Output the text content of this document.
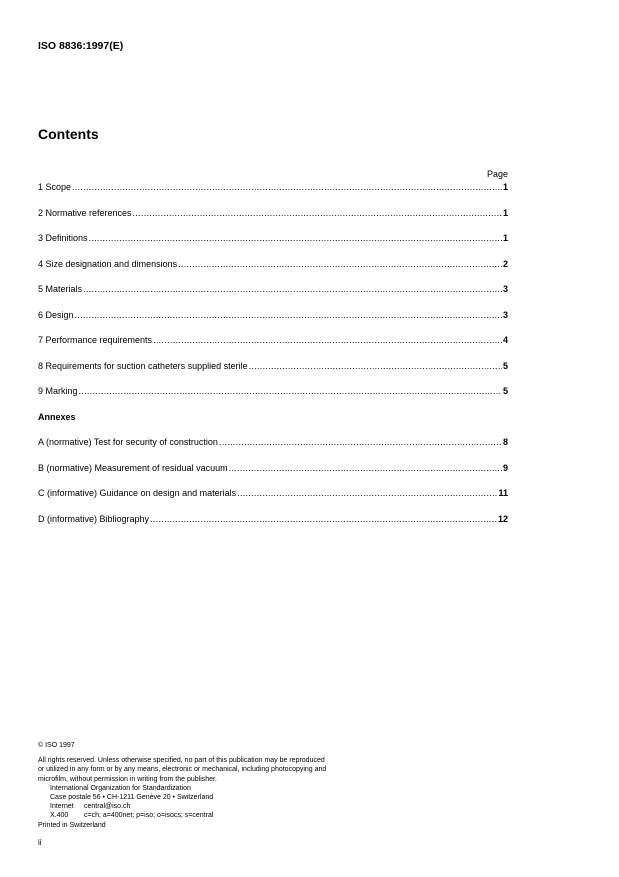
ISO 8836:1997(E)
Contents
Page
1 Scope .....	1
2 Normative references .....	1
3 Definitions .....	1
4 Size designation and dimensions .....	2
5 Materials .....	3
6 Design .....	3
7 Performance requirements .....	4
8 Requirements for suction catheters supplied sterile .....	5
9 Marking .....	5
Annexes
A (normative) Test for security of construction .....	8
B (normative) Measurement of residual vacuum .....	9
C (informative) Guidance on design and materials .....	11
D (informative) Bibliography .....	12
© ISO 1997
All rights reserved. Unless otherwise specified, no part of this publication may be reproduced
or utilized in any form or by any means, electronic or mechanical, including photocopying and
microfilm, without permission in writing from the publisher.
International Organization for Standardization
Case postale 56 • CH-1211 Genève 20 • Switzerland
Internet	central@iso.ch
X.400	c=ch; a=400net; p=iso; o=isocs; s=central
Printed in Switzerland
ii
